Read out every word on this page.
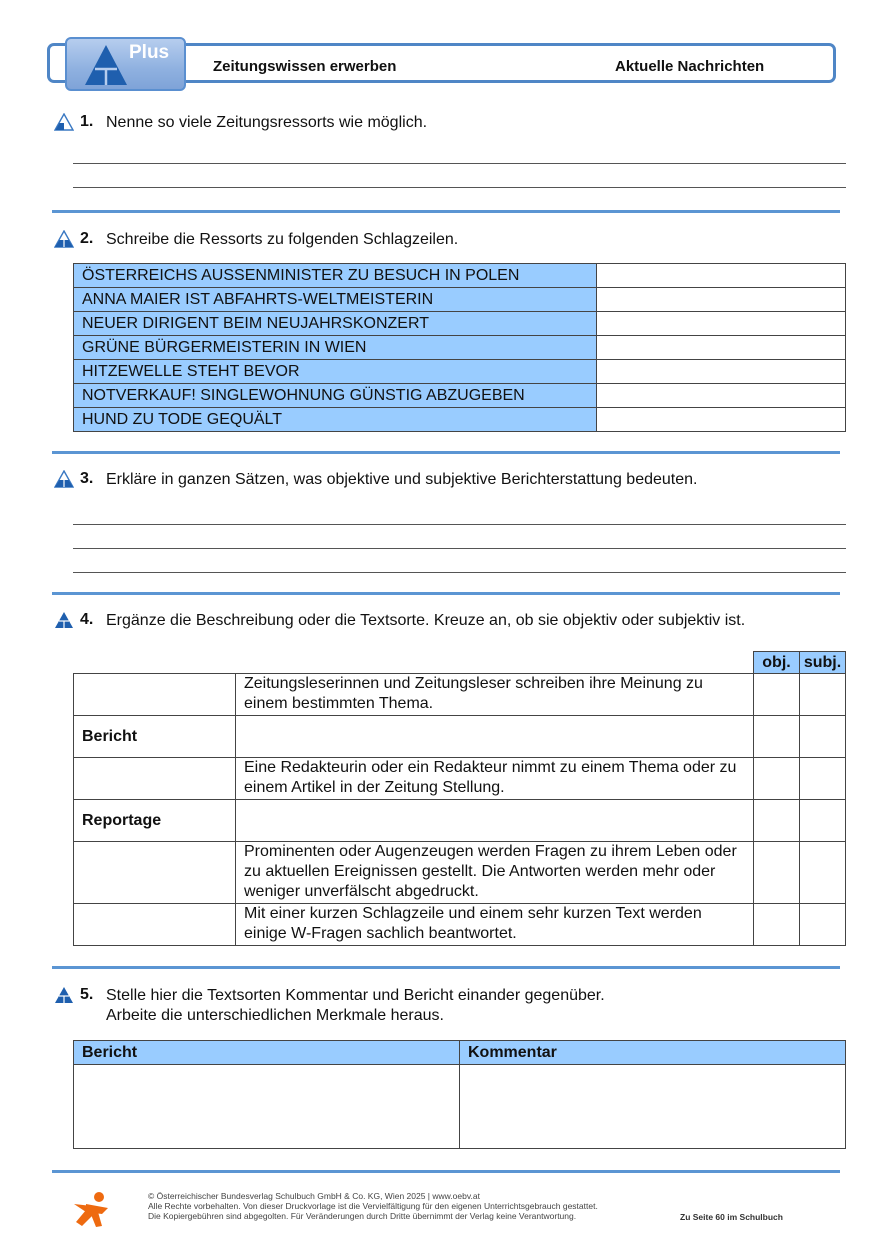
Plus
Zeitungswissen erwerben	Aktuelle Nachrichten
1. Nenne so viele Zeitungsressorts wie möglich.
2. Schreibe die Ressorts zu folgenden Schlagzeilen.
ÖSTERREICHS AUSSENMINISTER ZU BESUCH IN POLEN	
ANNA MAIER IST ABFAHRTS-WELTMEISTERIN	
NEUER DIRIGENT BEIM NEUJAHRSKONZERT	
GRÜNE BÜRGERMEISTERIN IN WIEN	
HITZEWELLE STEHT BEVOR	
NOTVERKAUF! SINGLEWOHNUNG GÜNSTIG ABZUGEBEN	
HUND ZU TODE GEQUÄLT	
3. Erkläre in ganzen Sätzen, was objektive und subjektive Berichterstattung bedeuten.
4. Ergänze die Beschreibung oder die Textsorte. Kreuze an, ob sie objektiv oder subjektiv ist.
		obj.	subj.
	Zeitungsleserinnen und Zeitungsleser schreiben ihre Meinung zu einem bestimmten Thema.		
Bericht			
	Eine Redakteurin oder ein Redakteur nimmt zu einem Thema oder zu einem Artikel in der Zeitung Stellung.		
Reportage			
	Prominenten oder Augenzeugen werden Fragen zu ihrem Leben oder zu aktuellen Ereignissen gestellt. Die Antworten werden mehr oder weniger unverfälscht abgedruckt.		
	Mit einer kurzen Schlagzeile und einem sehr kurzen Text werden einige W-Fragen sachlich beantwortet.		
5. Stelle hier die Textsorten Kommentar und Bericht einander gegenüber.
Arbeite die unterschiedlichen Merkmale heraus.
Bericht	Kommentar

© Österreichischer Bundesverlag Schulbuch GmbH & Co. KG, Wien 2025 | www.oebv.at
Alle Rechte vorbehalten. Von dieser Druckvorlage ist die Vervielfältigung für den eigenen Unterrichtsgebrauch gestattet.
Die Kopiergebühren sind abgegolten. Für Veränderungen durch Dritte übernimmt der Verlag keine Verantwortung.	Zu Seite 60 im Schulbuch
